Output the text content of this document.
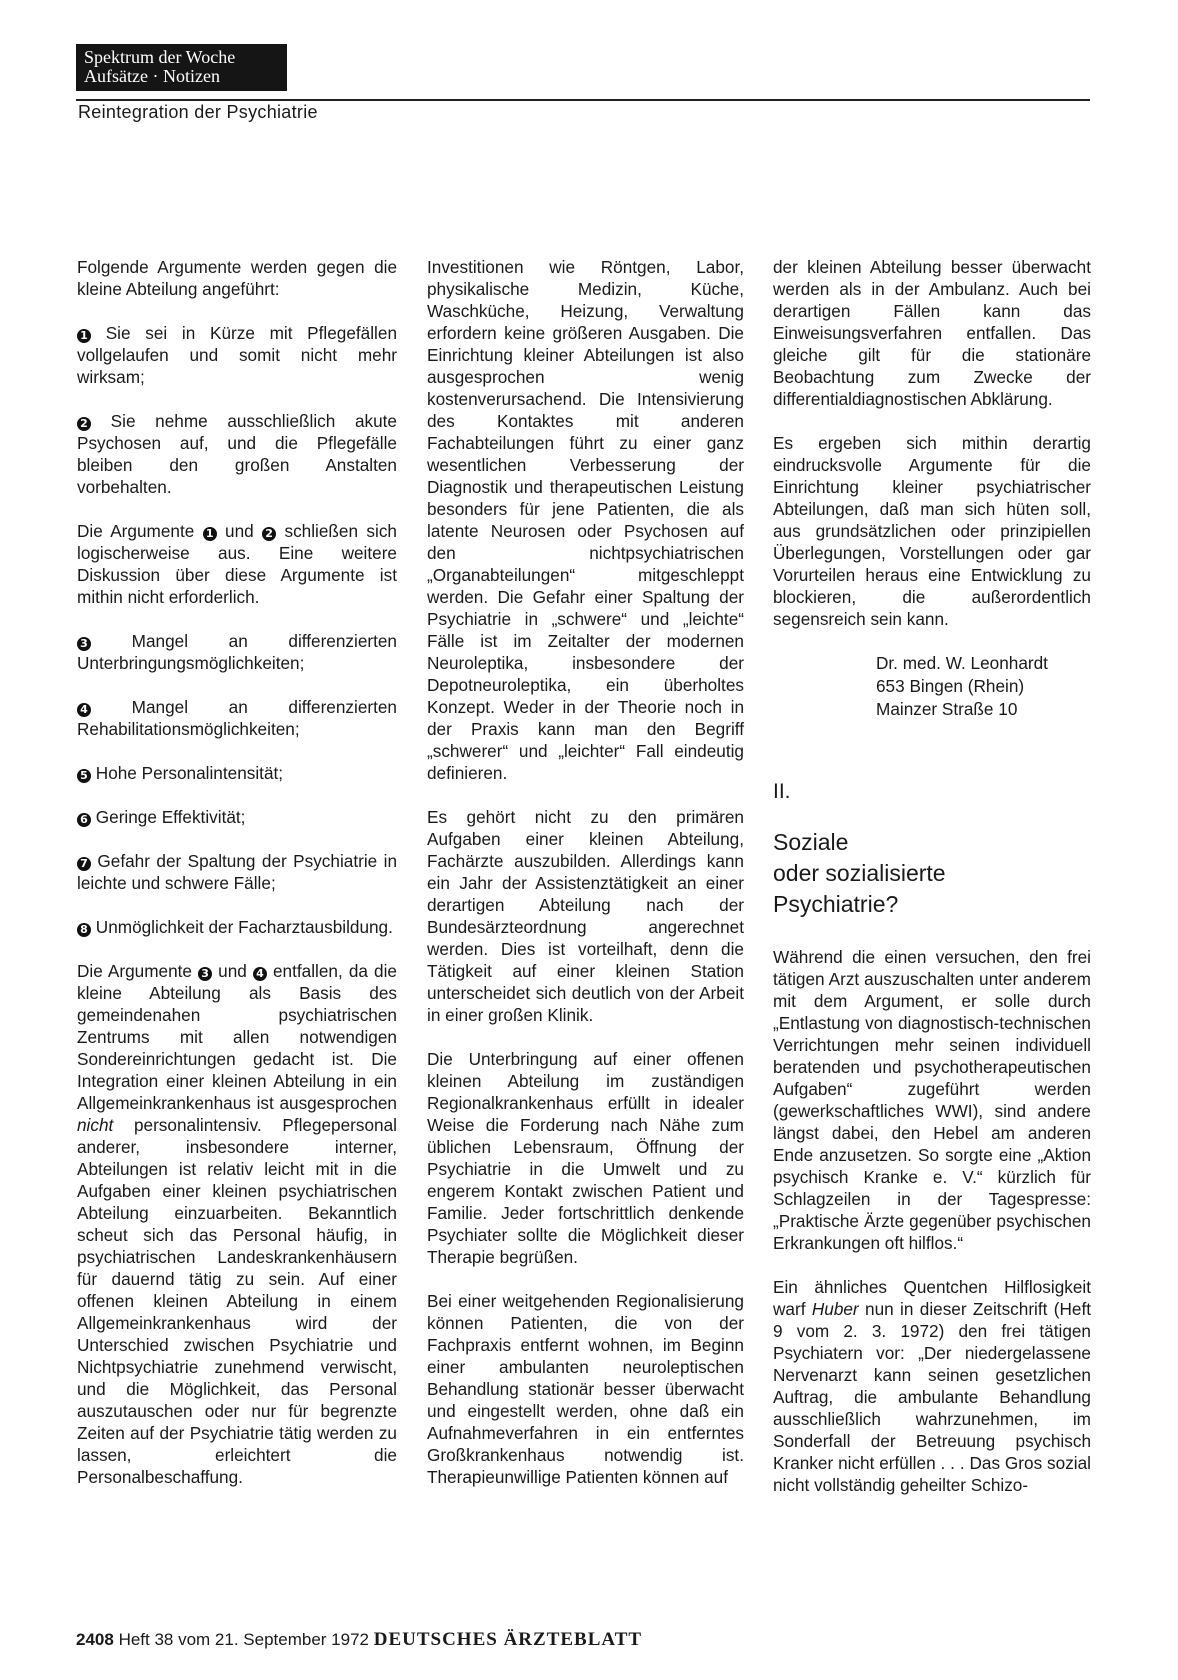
Spektrum der Woche
Aufsätze · Notizen
Reintegration der Psychiatrie

Folgende Argumente werden gegen die kleine Abteilung angeführt:

1 Sie sei in Kürze mit Pflegefällen vollgelaufen und somit nicht mehr wirksam;

2 Sie nehme ausschließlich akute Psychosen auf, und die Pflegefälle bleiben den großen Anstalten vorbehalten.

Die Argumente 1 und 2 schließen sich logischerweise aus. Eine weitere Diskussion über diese Argumente ist mithin nicht erforderlich.

3	Mangel an differenzierten Unterbringungsmöglichkeiten;

4	Mangel an differenzierten Rehabilitationsmöglichkeiten;

5 Hohe Personalintensität;

6 Geringe Effektivität;

7 Gefahr der Spaltung der Psychiatrie in leichte und schwere Fälle;

8 Unmöglichkeit der Facharztausbildung.

Die Argumente 3 und 4 entfallen, da die kleine Abteilung als Basis des gemeindenahen psychiatrischen Zentrums mit allen notwendigen Sondereinrichtungen gedacht ist. Die Integration einer kleinen Abteilung in ein Allgemeinkrankenhaus ist ausgesprochen nicht personalintensiv. Pflegepersonal anderer, insbesondere interner, Abteilungen ist relativ leicht mit in die Aufgaben einer kleinen psychiatrischen Abteilung einzuarbeiten. Bekanntlich scheut sich das Personal häufig, in psychiatrischen Landeskrankenhäusern für dauernd tätig zu sein. Auf einer offenen kleinen Abteilung in einem Allgemeinkrankenhaus wird der Unterschied zwischen Psychiatrie und Nichtpsychiatrie zunehmend verwischt, und die Möglichkeit, das Personal auszutauschen oder nur für begrenzte Zeiten auf der Psychiatrie tätig werden zu lassen, erleichtert die Personalbeschaffung.

Investitionen wie Röntgen, Labor, physikalische Medizin, Küche, Waschküche, Heizung, Verwaltung erfordern keine größeren Ausgaben. Die Einrichtung kleiner Abteilungen ist also ausgesprochen wenig kostenverursachend. Die Intensivierung des Kontaktes mit anderen Fachabteilungen führt zu einer ganz wesentlichen Verbesserung der Diagnostik und therapeutischen Leistung besonders für jene Patienten, die als latente Neurosen oder Psychosen auf den nichtpsychiatrischen „Organabteilungen“ mitgeschleppt werden. Die Gefahr einer Spaltung der Psychiatrie in „schwere“ und „leichte“ Fälle ist im Zeitalter der modernen Neuroleptika, insbesondere der Depotneuroleptika, ein überholtes Konzept. Weder in der Theorie noch in der Praxis kann man den Begriff „schwerer“ und „leichter“ Fall eindeutig definieren.

Es gehört nicht zu den primären Aufgaben einer kleinen Abteilung, Fachärzte auszubilden. Allerdings kann ein Jahr der Assistenztätigkeit an einer derartigen Abteilung nach der Bundesärzteordnung angerechnet werden. Dies ist vorteilhaft, denn die Tätigkeit auf einer kleinen Station unterscheidet sich deutlich von der Arbeit in einer großen Klinik.

Die Unterbringung auf einer offenen kleinen Abteilung im zuständigen Regionalkrankenhaus erfüllt in idealer Weise die Forderung nach Nähe zum üblichen Lebensraum, Öffnung der Psychiatrie in die Umwelt und zu engerem Kontakt zwischen Patient und Familie. Jeder fortschrittlich denkende Psychiater sollte die Möglichkeit dieser Therapie begrüßen.

Bei einer weitgehenden Regionalisierung können Patienten, die von der Fachpraxis entfernt wohnen, im Beginn einer ambulanten neuroleptischen Behandlung stationär besser überwacht und eingestellt werden, ohne daß ein Aufnahmeverfahren in ein entferntes Großkrankenhaus notwendig ist. Therapieunwillige Patienten können auf

der kleinen Abteilung besser überwacht werden als in der Ambulanz. Auch bei derartigen Fällen kann das Einweisungsverfahren entfallen. Das gleiche gilt für die stationäre Beobachtung zum Zwecke der differentialdiagnostischen Abklärung.

Es ergeben sich mithin derartig eindrucksvolle Argumente für die Einrichtung kleiner psychiatrischer Abteilungen, daß man sich hüten soll, aus grundsätzlichen oder prinzipiellen Überlegungen, Vorstellungen oder gar Vorurteilen heraus eine Entwicklung zu blockieren, die außerordentlich segensreich sein kann.

Dr. med. W. Leonhardt
653 Bingen (Rhein)
Mainzer Straße 10
II.
Soziale
oder sozialisierte
Psychiatrie?

Während die einen versuchen, den frei tätigen Arzt auszuschalten unter anderem mit dem Argument, er solle durch „Entlastung von diagnostisch-technischen Verrichtungen mehr seinen individuell beratenden und psychotherapeutischen Aufgaben“ zugeführt werden (gewerkschaftliches WWI), sind andere längst dabei, den Hebel am anderen Ende anzusetzen. So sorgte eine „Aktion psychisch Kranke e. V.“ kürzlich für Schlagzeilen in der Tagespresse: „Praktische Ärzte gegenüber psychischen Erkrankungen oft hilflos.“

Ein ähnliches Quentchen Hilflosigkeit warf Huber nun in dieser Zeitschrift (Heft 9 vom 2. 3. 1972) den frei tätigen Psychiatern vor: „Der niedergelassene Nervenarzt kann seinen gesetzlichen Auftrag, die ambulante Behandlung ausschließlich wahrzunehmen, im Sonderfall der Betreuung psychisch Kranker nicht erfüllen . . . Das Gros sozial nicht vollständig geheilter Schizo-

2408 Heft 38 vom 21. September 1972 DEUTSCHES ÄRZTEBLATT
